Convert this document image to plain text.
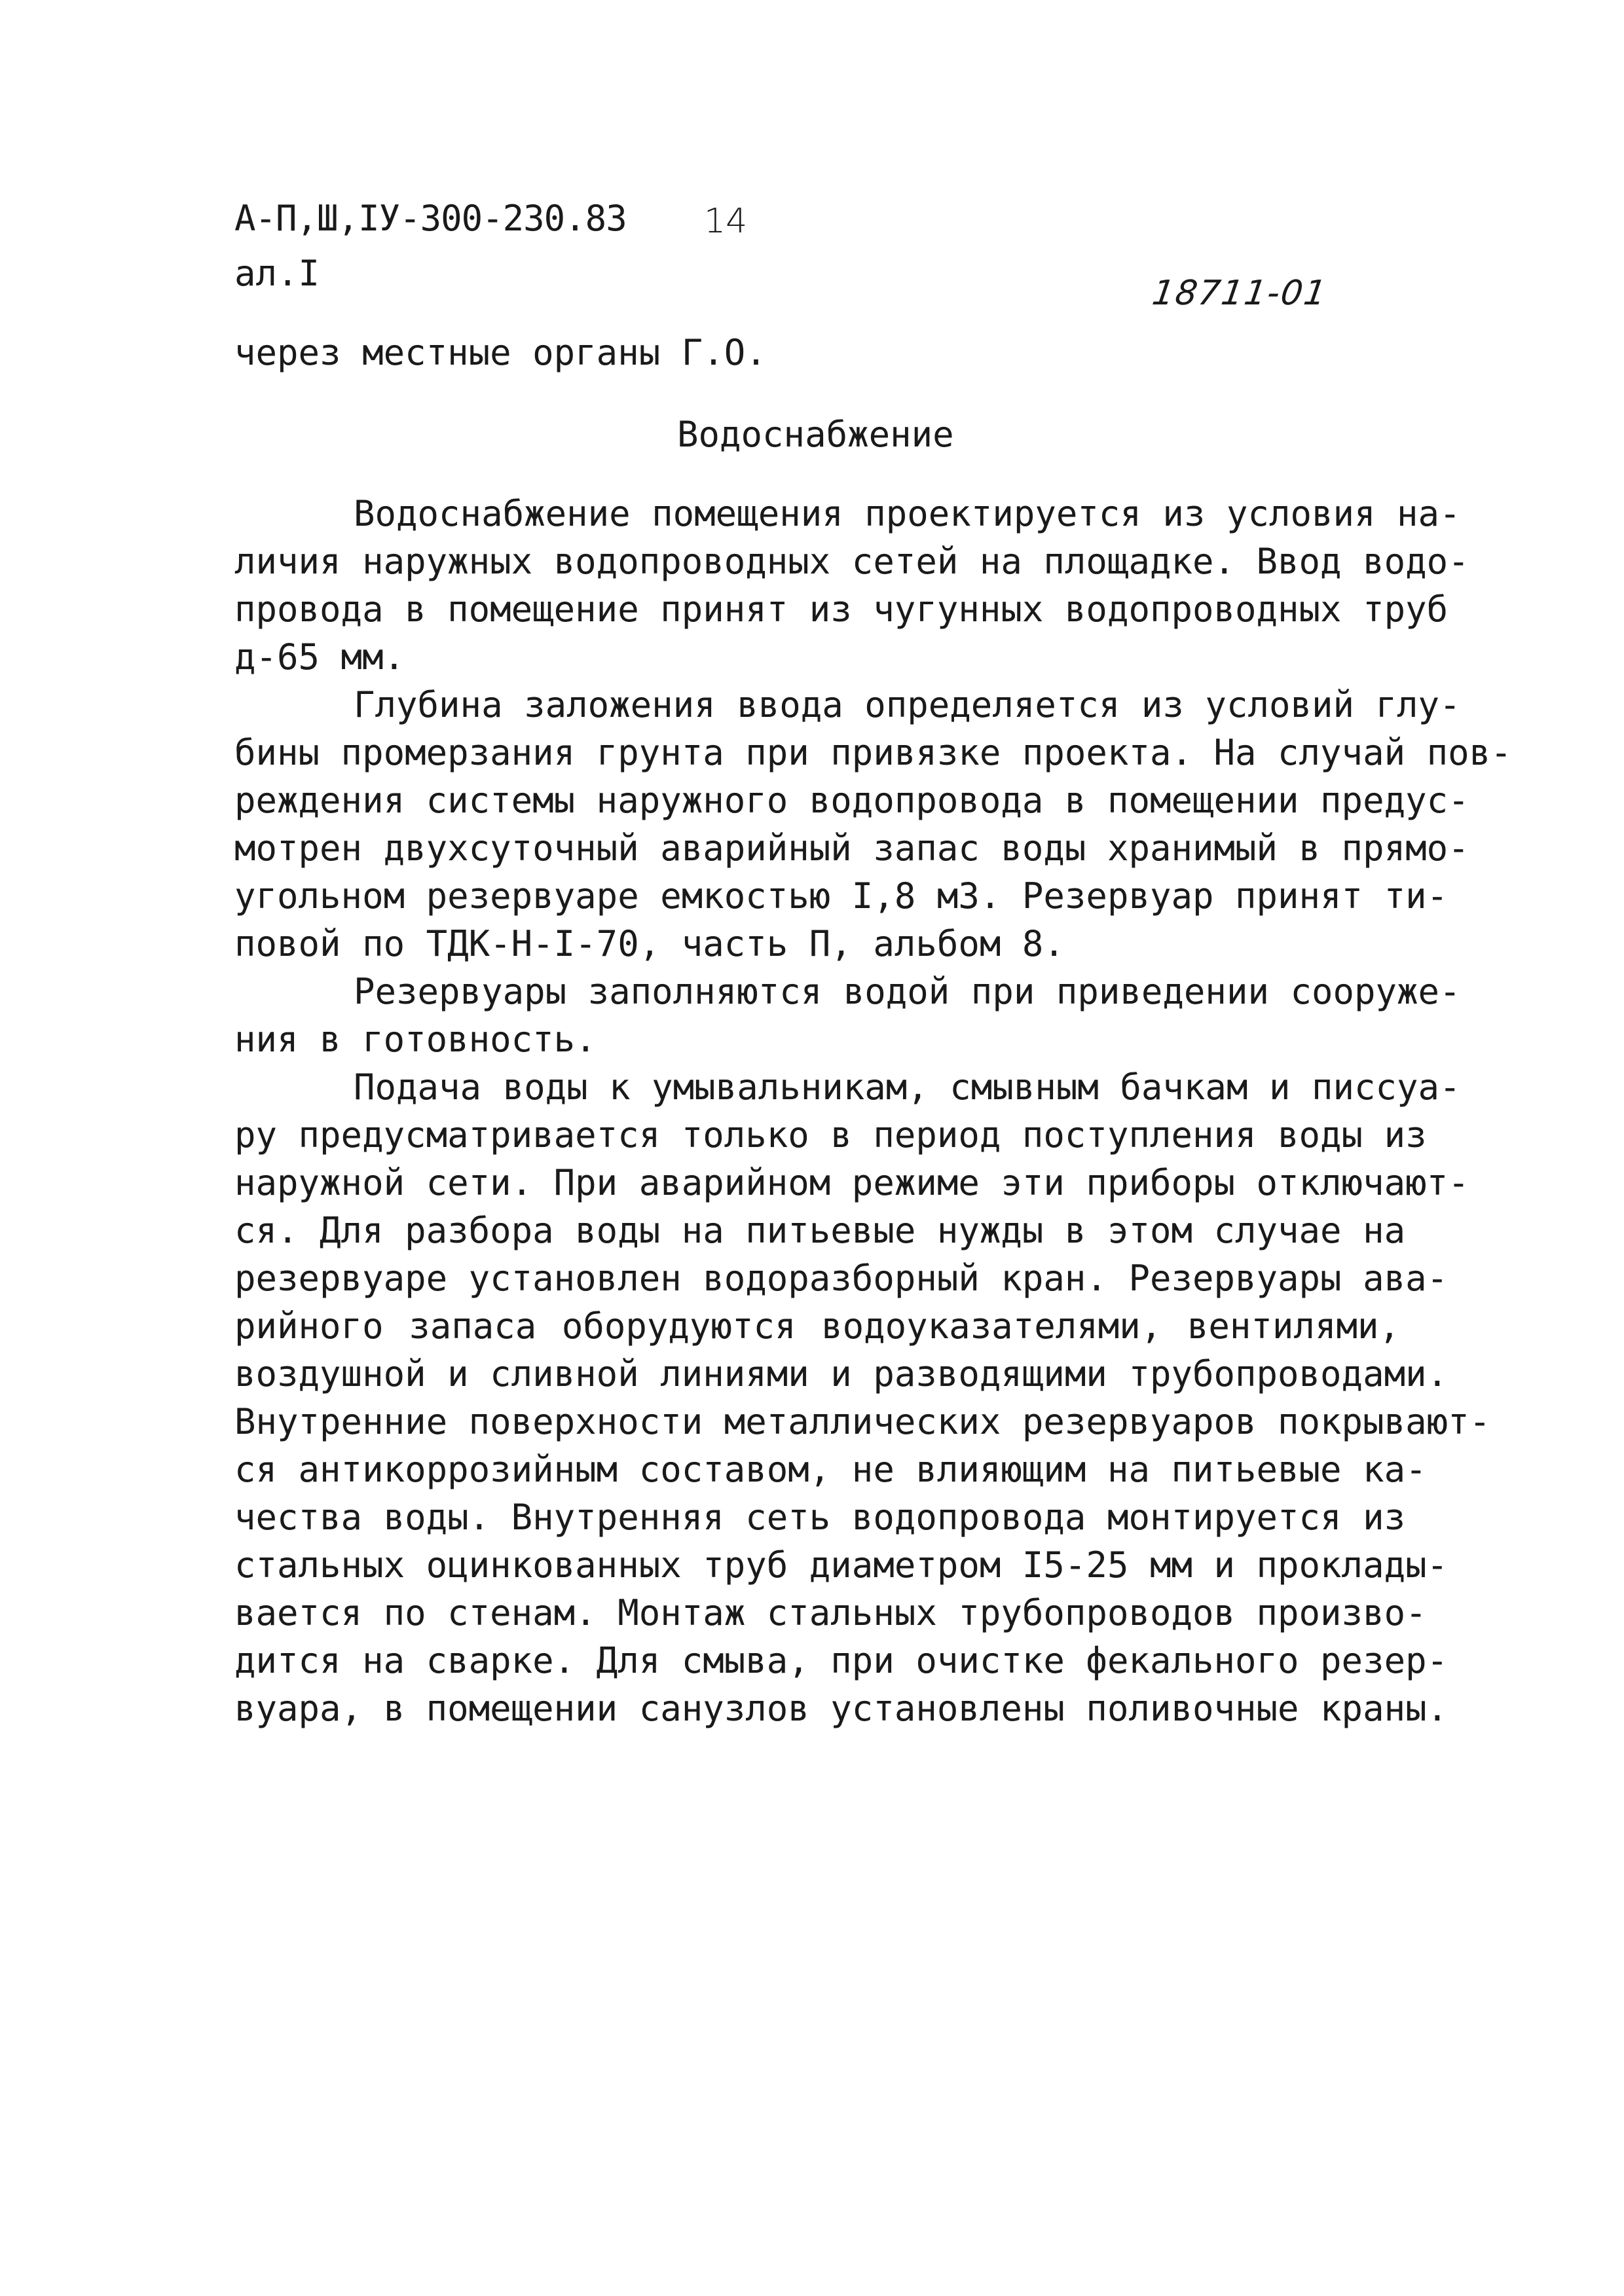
А-П,Ш,IУ-300-230.83 14
ал.I	18711-01
через местные органы Г.О.
Водоснабжение
Водоснабжение помещения проектируется из условия на-
личия наружных водопроводных сетей на площадке. Ввод водо-
провода в помещение принят из чугунных водопроводных труб
д-65 мм.
Глубина заложения ввода определяется из условий глу-
бины промерзания грунта при привязке проекта. На случай пов-
реждения системы наружного водопровода в помещении предус-
мотрен двухсуточный аварийный запас воды хранимый в прямо-
угольном резервуаре емкостью I,8 м3. Резервуар принят ти-
повой по ТДК-Н-I-70, часть П, альбом 8.
Резервуары заполняются водой при приведении сооруже-
ния в готовность.
Подача воды к умывальникам, смывным бачкам и писсуа-
ру предусматривается только в период поступления воды из
наружной сети. При аварийном режиме эти приборы отключают-
ся. Для разбора воды на питьевые нужды в этом случае на
резервуаре установлен водоразборный кран. Резервуары ава-
рийного запаса оборудуются водоуказателями, вентилями,
воздушной и сливной линиями и разводящими трубопроводами.
Внутренние поверхности металлических резервуаров покрывают-
ся антикоррозийным составом, не влияющим на питьевые ка-
чества воды. Внутренняя сеть водопровода монтируется из
стальных оцинкованных труб диаметром I5-25 мм и проклады-
вается по стенам. Монтаж стальных трубопроводов произво-
дится на сварке. Для смыва, при очистке фекального резер-
вуара, в помещении санузлов установлены поливочные краны.
